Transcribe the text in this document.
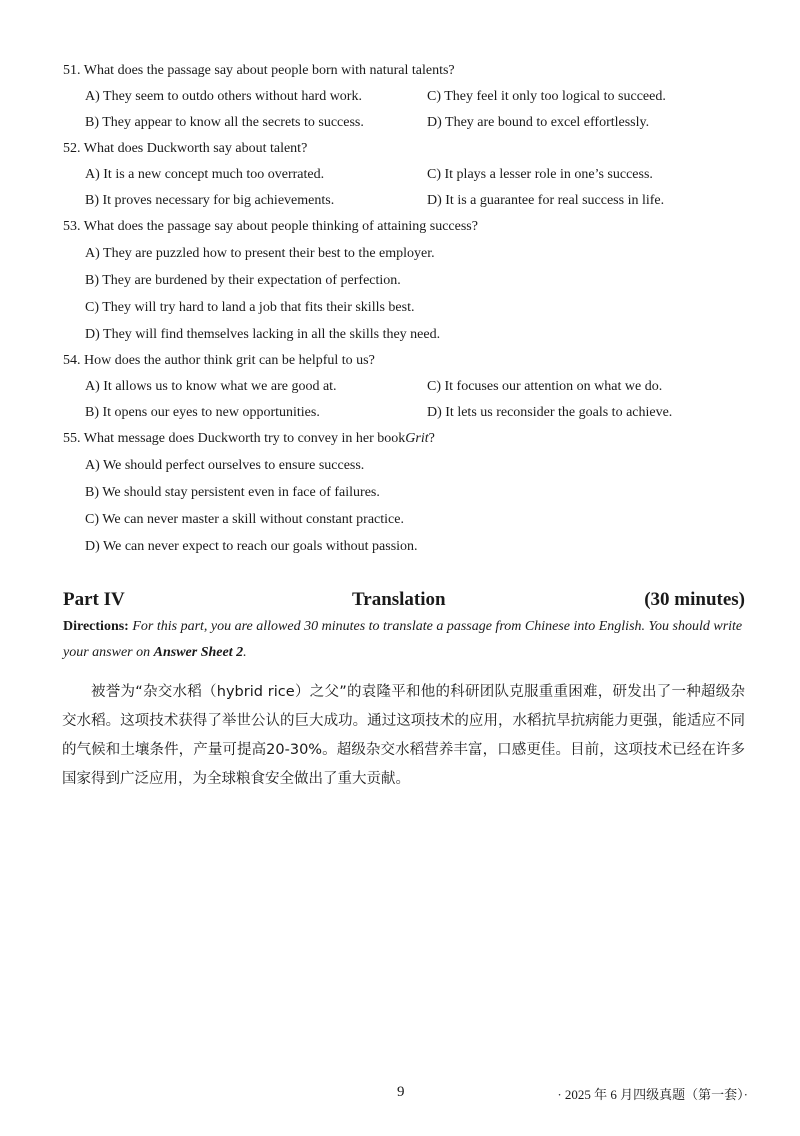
51. What does the passage say about people born with natural talents?
A) They seem to outdo others without hard work.	C) They feel it only too logical to succeed.
B) They appear to know all the secrets to success.	D) They are bound to excel effortlessly.
52. What does Duckworth say about talent?
A) It is a new concept much too overrated.	C) It plays a lesser role in one’s success.
B) It proves necessary for big achievements.	D) It is a guarantee for real success in life.
53. What does the passage say about people thinking of attaining success?
A) They are puzzled how to present their best to the employer.
B) They are burdened by their expectation of perfection.
C) They will try hard to land a job that fits their skills best.
D) They will find themselves lacking in all the skills they need.
54. How does the author think grit can be helpful to us?
A) It allows us to know what we are good at.	C) It focuses our attention on what we do.
B) It opens our eyes to new opportunities.	D) It lets us reconsider the goals to achieve.
55. What message does Duckworth try to convey in her book Grit ?
A) We should perfect ourselves to ensure success.
B) We should stay persistent even in face of failures.
C) We can never master a skill without constant practice.
D) We can never expect to reach our goals without passion.
Part IV	Translation	(30 minutes)
Directions: For this part, you are allowed 30 minutes to translate a passage from Chinese into English. You should write your answer on Answer Sheet 2.

被誉为“杂交水稻（hybrid rice）之父”的袁隆平和他的科研团队克服重重困难，研发出了一种超级杂交水稻。这项技术获得了举世公认的巨大成功。通过这项技术的应用，水稻抗旱抗病能力更强，能适应不同的气候和土壤条件，产量可提高20-30%。超级杂交水稻营养丰富，口感更佳。目前，这项技术已经在许多国家得到广泛应用，为全球粮食安全做出了重大贡献。

9	· 2025 年 6 月四级真题（第一套）·
